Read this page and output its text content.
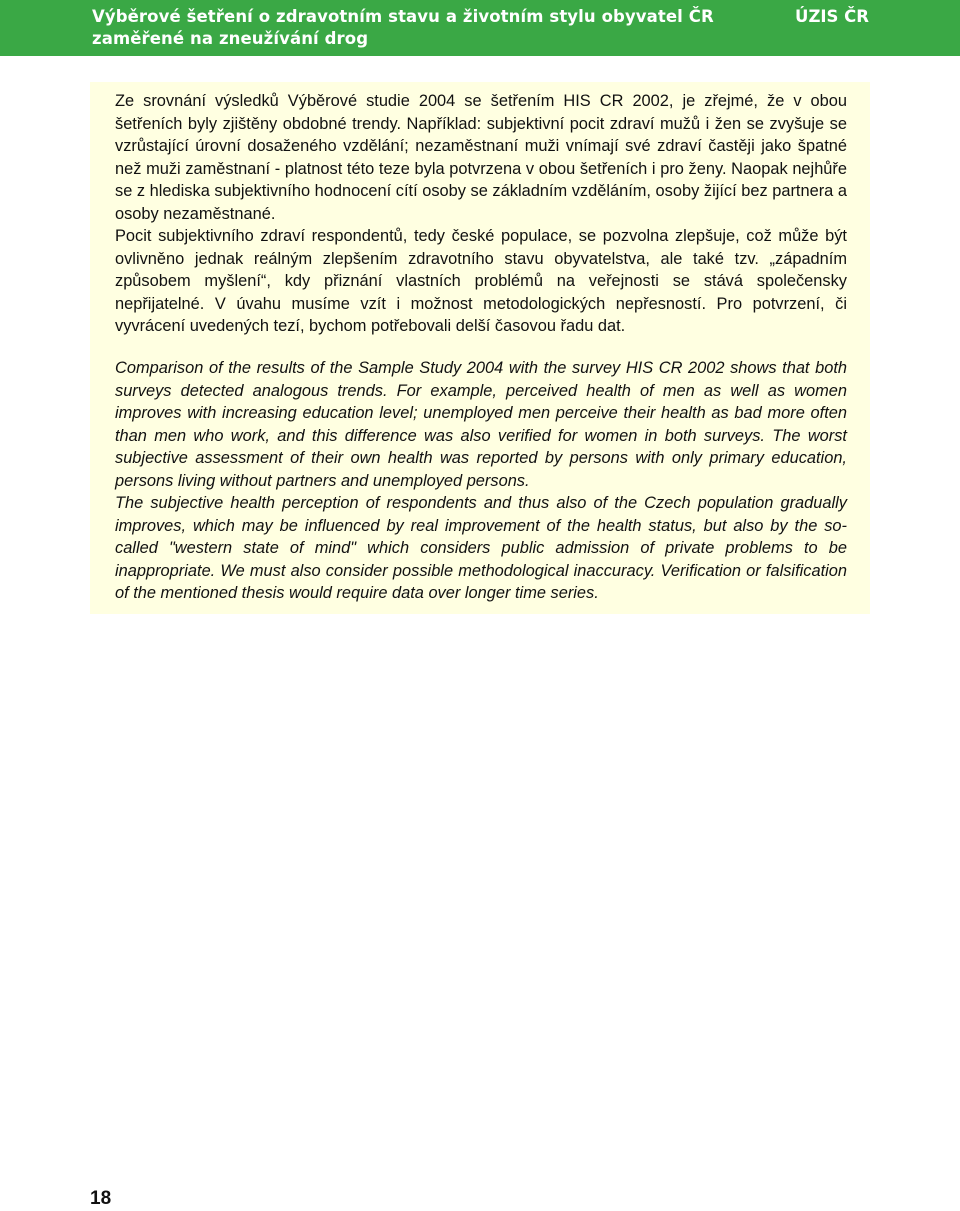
Výběrové šetření o zdravotním stavu a životním stylu obyvatel ČR zaměřené na zneužívání drog
ÚZIS ČR

Ze srovnání výsledků Výběrové studie 2004 se šetřením HIS CR 2002, je zřejmé, že v obou šetřeních byly zjištěny obdobné trendy. Například: subjektivní pocit zdraví mužů i žen se zvyšuje se vzrůstající úrovní dosaženého vzdělání; nezaměstnaní muži vnímají své zdraví častěji jako špatné než muži zaměstnaní - platnost této teze byla potvrzena v obou šetřeních i pro ženy. Naopak nejhůře se z hlediska subjektivního hodnocení cítí osoby se základním vzděláním, osoby žijící bez partnera a osoby nezaměstnané.

Pocit subjektivního zdraví respondentů, tedy české populace, se pozvolna zlepšuje, což může být ovlivněno jednak reálným zlepšením zdravotního stavu obyvatelstva, ale také tzv. „západním způsobem myšlení“, kdy přiznání vlastních problémů na veřejnosti se stává společensky nepřijatelné. V úvahu musíme vzít i možnost metodologických nepřesností. Pro potvrzení, či vyvrácení uvedených tezí, bychom potřebovali delší časovou řadu dat.

Comparison of the results of the Sample Study 2004 with the survey HIS CR 2002 shows that both surveys detected analogous trends. For example, perceived health of men as well as women improves with increasing education level; unemployed men perceive their health as bad more often than men who work, and this difference was also verified for women in both surveys. The worst subjective assessment of their own health was reported by persons with only primary education, persons living without partners and unemployed persons.

The subjective health perception of respondents and thus also of the Czech population gradually improves, which may be influenced by real improvement of the health status, but also by the so-called "western state of mind" which considers public admission of private problems to be inappropriate. We must also consider possible methodological inaccuracy. Verification or falsification of the mentioned thesis would require data over longer time series.

18
